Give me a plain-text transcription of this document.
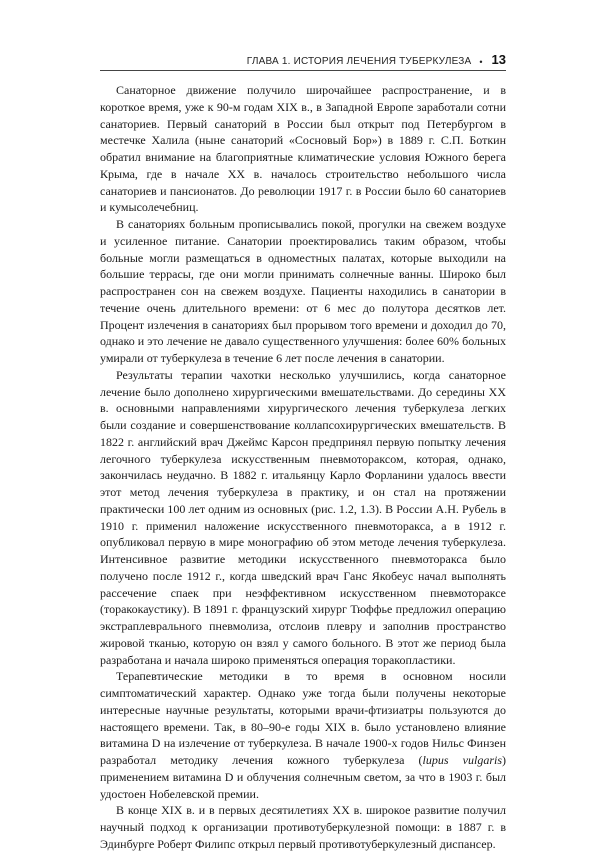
ГЛАВА 1. ИСТОРИЯ ЛЕЧЕНИЯ ТУБЕРКУЛЕЗА • 13

Санаторное движение получило широчайшее распространение, и в короткое время, уже к 90-м годам XIX в., в Западной Европе заработали сотни санаториев. Первый санаторий в России был открыт под Петербургом в местечке Халила (ныне санаторий «Сосновый Бор») в 1889 г. С.П. Боткин обратил внимание на благоприятные климатические условия Южного берега Крыма, где в начале XX в. началось строительство небольшого числа санаториев и пансионатов. До революции 1917 г. в России было 60 санаториев и кумысолечебниц.

В санаториях больным прописывались покой, прогулки на свежем воздухе и усиленное питание. Санатории проектировались таким образом, чтобы больные могли размещаться в одноместных палатах, которые выходили на большие террасы, где они могли принимать солнечные ванны. Широко был распространен сон на свежем воздухе. Пациенты находились в санатории в течение очень длительного времени: от 6 мес до полутора десятков лет. Процент излечения в санаториях был прорывом того времени и доходил до 70, однако и это лечение не давало существенного улучшения: более 60% больных умирали от туберкулеза в течение 6 лет после лечения в санатории.

Результаты терапии чахотки несколько улучшились, когда санаторное лечение было дополнено хирургическими вмешательствами. До середины XX в. основными направлениями хирургического лечения туберкулеза легких были создание и совершенствование коллапсохирургических вмешательств. В 1822 г. английский врач Джеймс Карсон предпринял первую попытку лечения легочного туберкулеза искусственным пневмотораксом, которая, однако, закончилась неудачно. В 1882 г. итальянцу Карло Форланини удалось ввести этот метод лечения туберкулеза в практику, и он стал на протяжении практически 100 лет одним из основных (рис. 1.2, 1.3). В России А.Н. Рубель в 1910 г. применил наложение искусственного пневмоторакса, а в 1912 г. опубликовал первую в мире монографию об этом методе лечения туберкулеза. Интенсивное развитие методики искусственного пневмоторакса было получено после 1912 г., когда шведский врач Ганс Якобеус начал выполнять рассечение спаек при неэффективном искусственном пневмотораксе (торакокаустику). В 1891 г. французский хирург Тюффье предложил операцию экстраплеврального пневмолиза, отслоив плевру и заполнив пространство жировой тканью, которую он взял у самого больного. В этот же период была разработана и начала широко применяться операция торакопластики.

Терапевтические методики в то время в основном носили симптоматический характер. Однако уже тогда были получены некоторые интересные научные результаты, которыми врачи-фтизиатры пользуются до настоящего времени. Так, в 80–90-е годы XIX в. было установлено влияние витамина D на излечение от туберкулеза. В начале 1900-х годов Нильс Финзен разработал методику лечения кожного туберкулеза (lupus vulgaris) применением витамина D и облучения солнечным светом, за что в 1903 г. был удостоен Нобелевской премии.

В конце XIX в. и в первых десятилетиях XX в. широкое развитие получил научный подход к организации противотуберкулезной помощи: в 1887 г. в Эдинбурге Роберт Филипс открыл первый противотуберкулезный диспансер.
